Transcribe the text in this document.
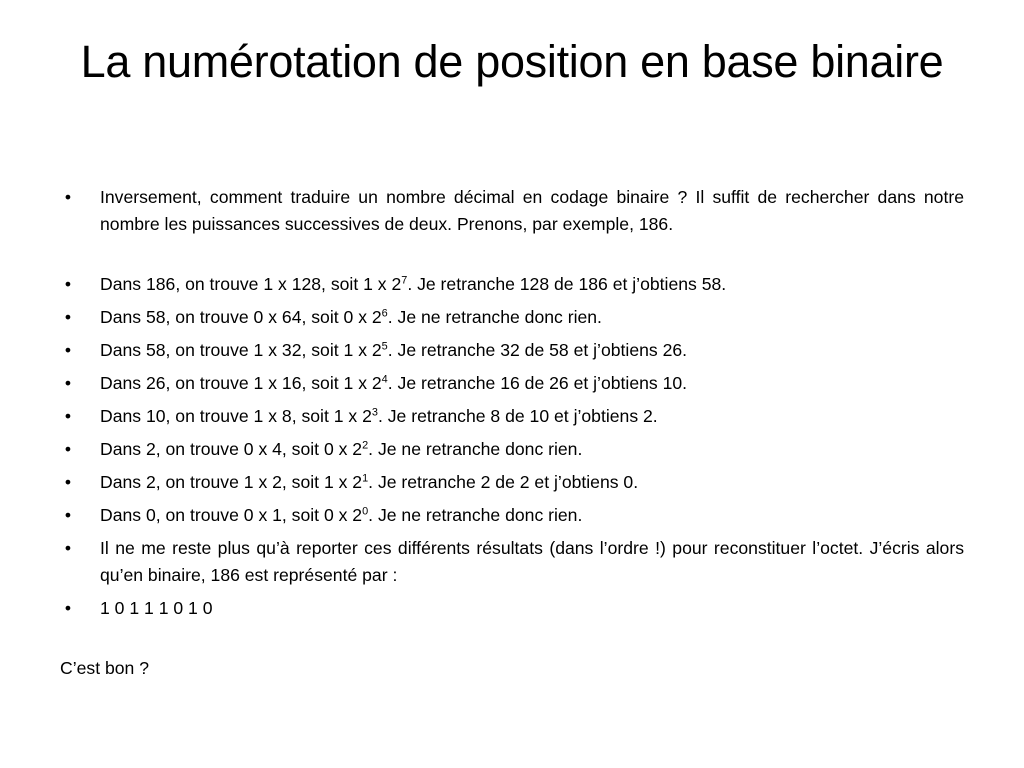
La numérotation de position en base binaire
• Inversement, comment traduire un nombre décimal en codage binaire ? Il suffit de rechercher dans notre nombre les puissances successives de deux. Prenons, par exemple, 186.
• Dans 186, on trouve 1 x 128, soit 1 x $2^7$. Je retranche 128 de 186 et j’obtiens 58.
• Dans 58, on trouve 0 x 64, soit 0 x $2^6$. Je ne retranche donc rien.
• Dans 58, on trouve 1 x 32, soit 1 x $2^5$. Je retranche 32 de 58 et j’obtiens 26.
• Dans 26, on trouve 1 x 16, soit 1 x $2^4$. Je retranche 16 de 26 et j’obtiens 10.
• Dans 10, on trouve 1 x 8, soit 1 x $2^3$. Je retranche 8 de 10 et j’obtiens 2.
• Dans 2, on trouve 0 x 4, soit 0 x $2^2$. Je ne retranche donc rien.
• Dans 2, on trouve 1 x 2, soit 1 x $2^1$. Je retranche 2 de 2 et j’obtiens 0.
• Dans 0, on trouve 0 x 1, soit 0 x $2^0$. Je ne retranche donc rien.
• Il ne me reste plus qu’à reporter ces différents résultats (dans l’ordre !) pour reconstituer l’octet. J’écris alors qu’en binaire, 186 est représenté par :
• 1 0 1 1 1 0 1 0

C’est bon ?
